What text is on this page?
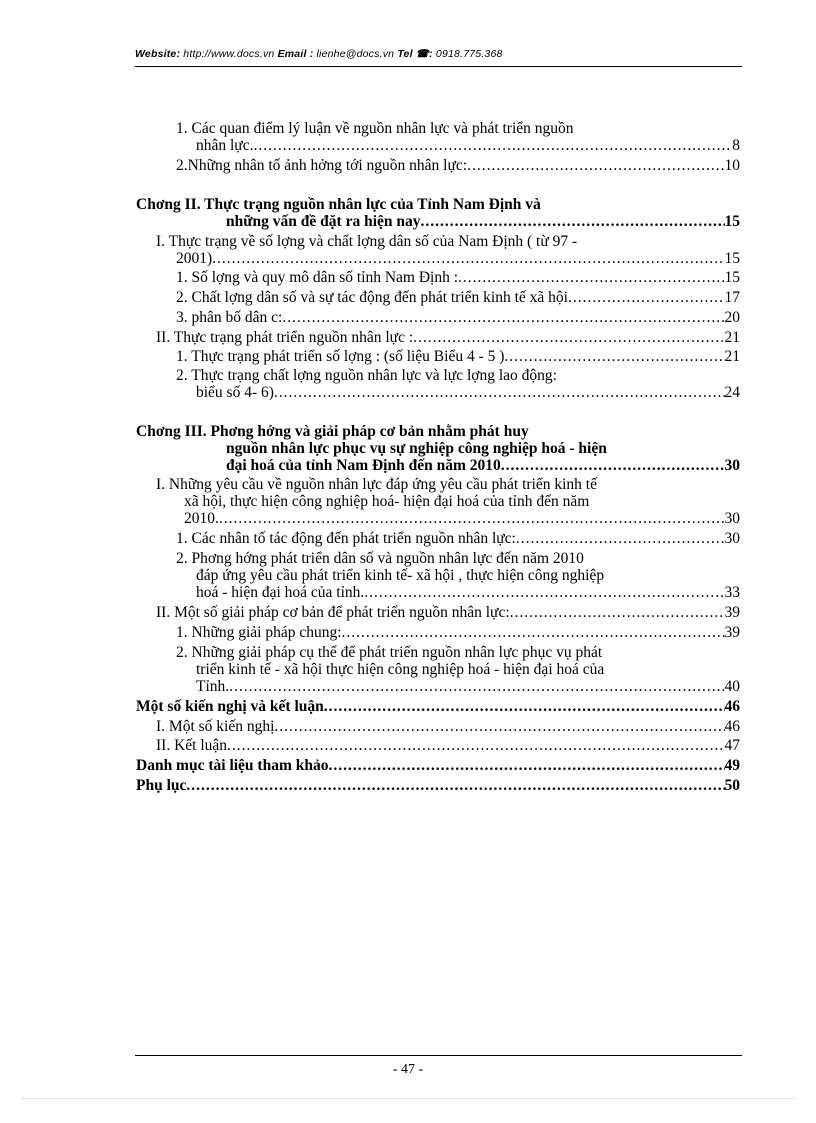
Website: http://www.docs.vn Email : lienhe@docs.vn Tel ☎: 0918.775.368
1. Các quan điểm lý luận về nguồn nhân lực và phát triển nguồn
nhân lực. .....	8
2.Những nhân tố ảnh hởng tới nguồn nhân lực: .....	10
Chơng II. Thực trạng nguồn nhân lực của Tỉnh Nam Định và
những vấn đề đặt ra hiện nay .....	15
I. Thực trạng về số lợng và chất lợng dân số của Nam Định ( từ 97 -
2001) .....	15
1. Số lợng và quy mô dân số tỉnh Nam Định : .....	15
2. Chất lợng dân số và sự tác động đến phát triển kinh tế xã hội .....	17
3. phân bố dân c: .....	20
II. Thực trạng phát triển nguồn nhân lực : .....	21
1. Thực trạng phát triển số lợng : (số liệu Biểu 4 - 5 ) .....	21
2. Thực trạng chất lợng nguồn nhân lực và lực lợng lao động:
biểu số 4- 6) .....	24
Chơng III. Phơng hớng và giải pháp cơ bản nhằm phát huy
nguồn nhân lực phục vụ sự nghiệp công nghiệp hoá - hiện
đại hoá của tỉnh Nam Định đến năm 2010 .....	30
I. Những yêu cầu về nguồn nhân lực đáp ứng yêu cầu phát triển kinh tế
xã hội, thực hiện công nghiệp hoá- hiện đại hoá của tỉnh đến năm
2010. .....	30
1. Các nhân tố tác động đến phát triển nguồn nhân lực: .....	30
2. Phơng hớng phát triển dân số và nguồn nhân lực đến năm 2010
đáp ứng yêu cầu phát triển kinh tế- xã hội , thực hiện công nghiệp
hoá - hiện đại hoá của tỉnh. .....	33
II. Một số giải pháp cơ bản để phát triển nguồn nhân lực: .....	39
1. Những giải pháp chung: .....	39
2. Những giải pháp cụ thể để phát triển nguồn nhân lực phục vụ phát
triển kinh tế - xã hội thực hiện công nghiệp hoá - hiện đại hoá của
Tỉnh. .....	40
Một số kiến nghị và kết luận .....	46
I. Một số kiến nghị .....	46
II. Kết luận .....	47
Danh mục tài liệu tham khảo .....	49
Phụ lục .....	50
- 47 -
